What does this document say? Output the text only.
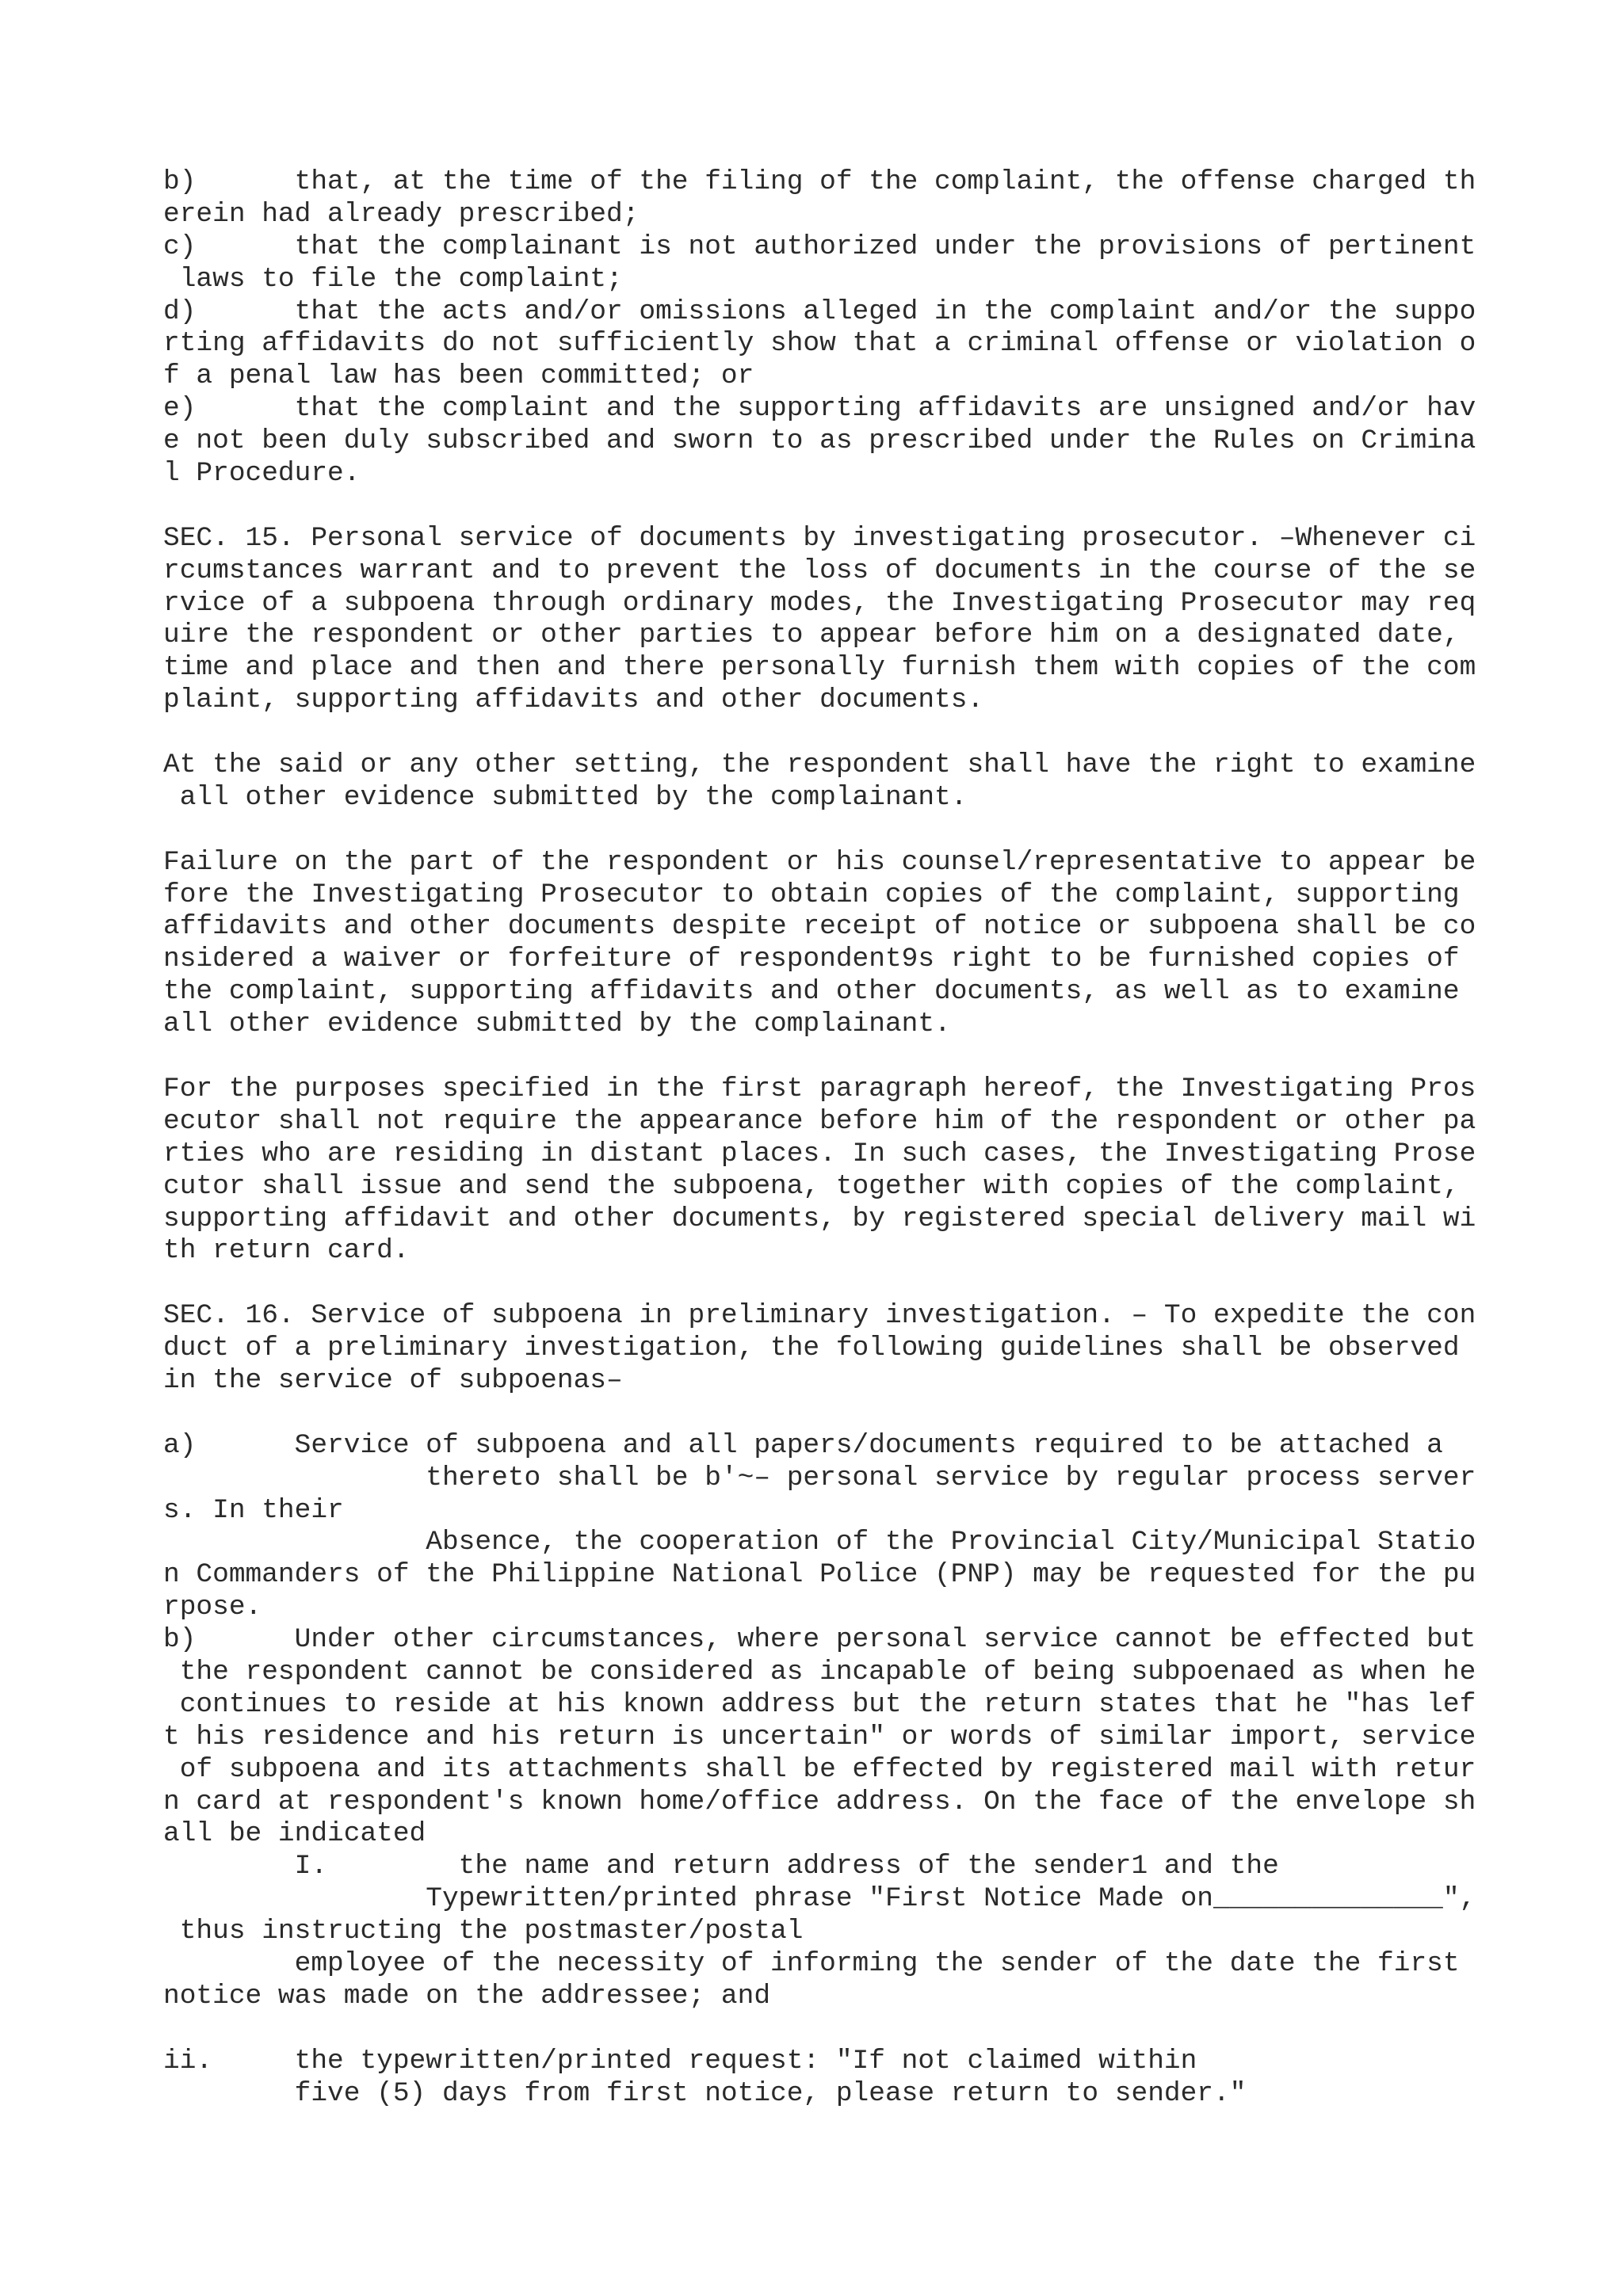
b)      that, at the time of the filing of the complaint, the offense charged th
erein had already prescribed;
c)      that the complainant is not authorized under the provisions of pertinent
laws to file the complaint;
d)      that the acts and/or omissions alleged in the complaint and/or the suppo
rting affidavits do not sufficiently show that a criminal offense or violation o
f a penal law has been committed; or
e)      that the complaint and the supporting affidavits are unsigned and/or hav
e not been duly subscribed and sworn to as prescribed under the Rules on Crimina
l Procedure.
SEC. 15. Personal service of documents by investigating prosecutor. –Whenever ci
rcumstances warrant and to prevent the loss of documents in the course of the se
rvice of a subpoena through ordinary modes, the Investigating Prosecutor may req
uire the respondent or other parties to appear before him on a designated date,
time and place and then and there personally furnish them with copies of the com
plaint, supporting affidavits and other documents.
At the said or any other setting, the respondent shall have the right to examine
all other evidence submitted by the complainant.
Failure on the part of the respondent or his counsel/representative to appear be
fore the Investigating Prosecutor to obtain copies of the complaint, supporting
affidavits and other documents despite receipt of notice or subpoena shall be co
nsidered a waiver or forfeiture of respondent9s right to be furnished copies of
the complaint, supporting affidavits and other documents, as well as to examine
all other evidence submitted by the complainant.
For the purposes specified in the first paragraph hereof, the Investigating Pros
ecutor shall not require the appearance before him of the respondent or other pa
rties who are residing in distant places. In such cases, the Investigating Prose
cutor shall issue and send the subpoena, together with copies of the complaint,
supporting affidavit and other documents, by registered special delivery mail wi
th return card.
SEC. 16. Service of subpoena in preliminary investigation. – To expedite the con
duct of a preliminary investigation, the following guidelines shall be observed
in the service of subpoenas–
a)      Service of subpoena and all papers/documents required to be attached a
thereto shall be b'~– personal service by regular process server
s. In their
Absence, the cooperation of the Provincial City/Municipal Statio
n Commanders of the Philippine National Police (PNP) may be requested for the pu
rpose.
b)      Under other circumstances, where personal service cannot be effected but
the respondent cannot be considered as incapable of being subpoenaed as when he
continues to reside at his known address but the return states that he "has lef
t his residence and his return is uncertain" or words of similar import, service
of subpoena and its attachments shall be effected by registered mail with retur
n card at respondent's known home/office address. On the face of the envelope sh
all be indicated
I.        the name and return address of the sender1 and the
Typewritten/printed phrase "First Notice Made on______________",
thus instructing the postmaster/postal
employee of the necessity of informing the sender of the date the first
notice was made on the addressee; and
ii.     the typewritten/printed request: "If not claimed within
five (5) days from first notice, please return to sender."
